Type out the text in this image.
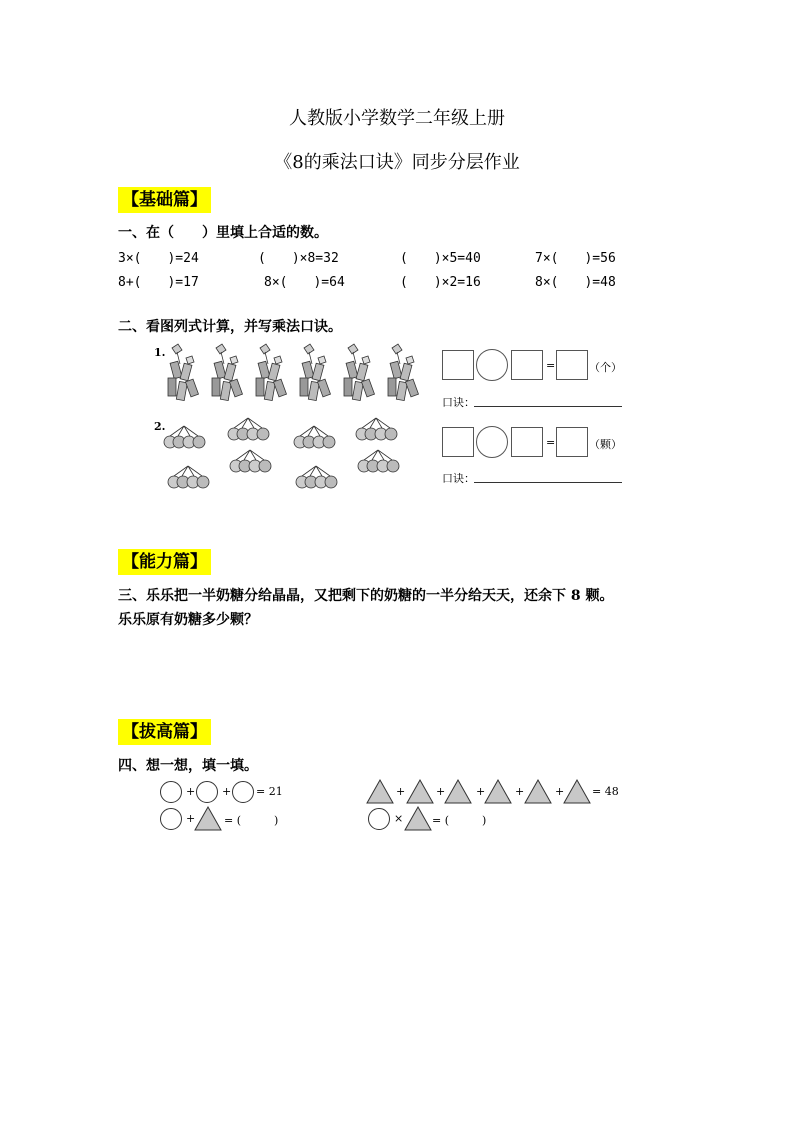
人教版小学数学二年级上册
《8的乘法口诀》同步分层作业
【基础篇】
一、在（　　）里填上合适的数。
3×(　　)=24	(　　)×8=32	(　　)×5=40	7×(　　)=56
8+(　　)=17	8×(　　)=64	(　　)×2=16	8×(　　)=48
二、看图列式计算，并写乘法口诀。
1.
=	（个）
口诀：
2.
=	（颗）
口诀：
【能力篇】
三、乐乐把一半奶糖分给晶晶，又把剩下的奶糖的一半分给天天，还余下 8 颗。
乐乐原有奶糖多少颗？
【拔高篇】
四、想一想，填一填。
+ + = 21
+	= (　　　)
+	+	+	+	+	= 48
×	= (　　　)
